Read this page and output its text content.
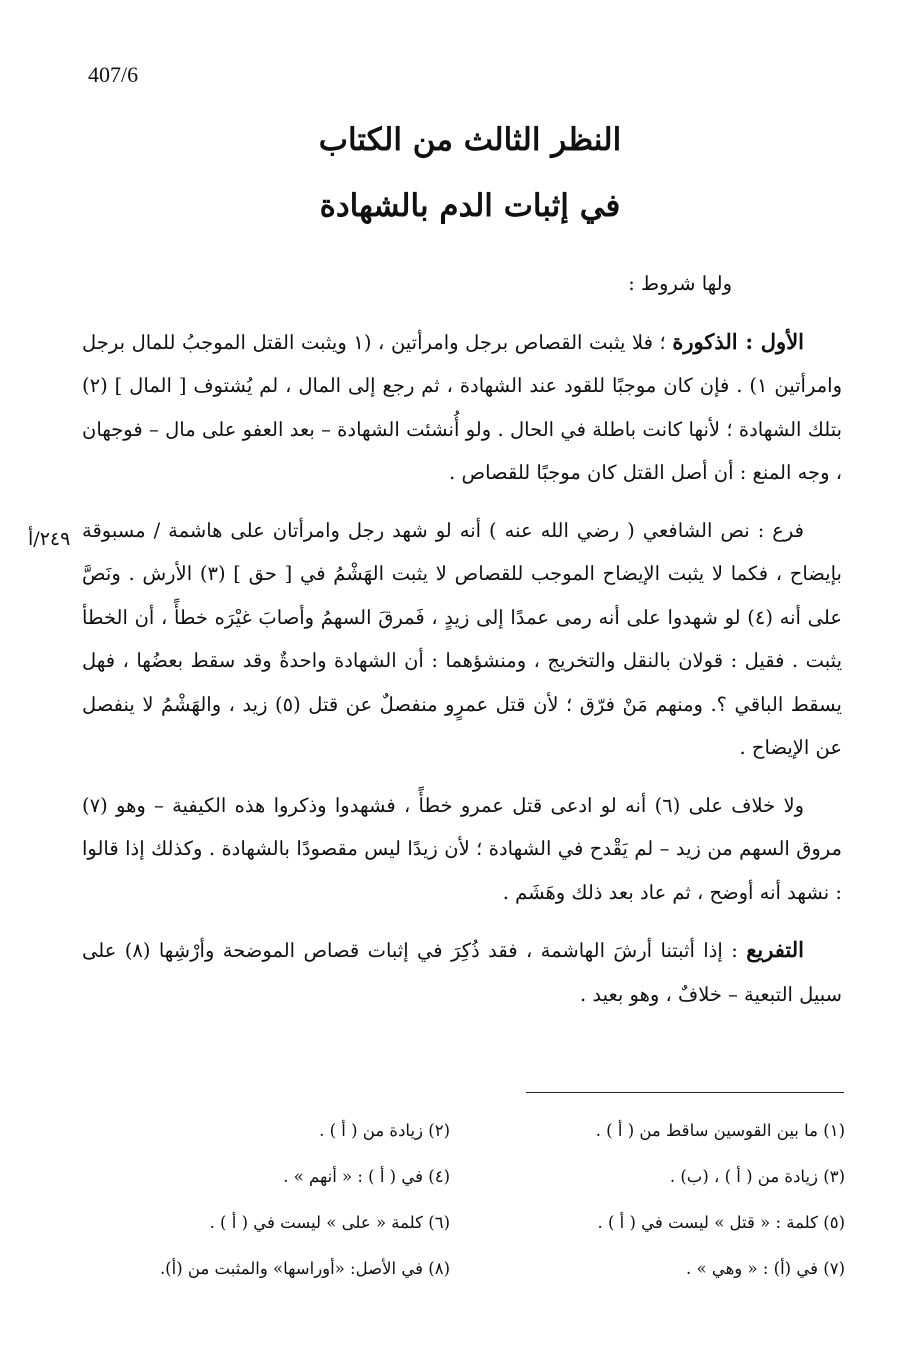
407/6
النظر الثالث من الكتاب
في إثبات الدم بالشهادة
٢٤٩/أ

ولها شروط :

الأول : الذكورة ؛ فلا يثبت القصاص برجل وامرأتين ، (١ ويثبت القتل الموجبُ للمال برجل وامرأتين ١) . فإن كان موجبًا للقود عند الشهادة ، ثم رجع إلى المال ، لم يُشتوف [ المال ] (٢) بتلك الشهادة ؛ لأنها كانت باطلة في الحال . ولو أُنشئت الشهادة – بعد العفو على مال – فوجهان ، وجه المنع : أن أصل القتل كان موجبًا للقصاص .

فرع : نص الشافعي ( رضي الله عنه ) أنه لو شهد رجل وامرأتان على هاشمة / مسبوقة بإيضاح ، فكما لا يثبت الإيضاح الموجب للقصاص لا يثبت الهَشْمُ في [ حق ] (٣) الأرش . ونَصَّ على أنه (٤) لو شهدوا على أنه رمى عمدًا إلى زيدٍ ، فَمرقَ السهمُ وأصابَ غيْرَه خطأً ، أن الخطأ يثبت . فقيل : قولان بالنقل والتخريج ، ومنشؤهما : أن الشهادة واحدةٌ وقد سقط بعضُها ، فهل يسقط الباقي ؟. ومنهم مَنْ فرّق ؛ لأن قتل عمرٍو منفصلٌ عن قتل (٥) زيد ، والهَشْمُ لا ينفصل عن الإيضاح .

ولا خلاف على (٦) أنه لو ادعى قتل عمرو خطأً ، فشهدوا وذكروا هذه الكيفية – وهو (٧) مروق السهم من زيد – لم يَقْدح في الشهادة ؛ لأن زيدًا ليس مقصودًا بالشهادة . وكذلك إذا قالوا : نشهد أنه أوضح ، ثم عاد بعد ذلك وهَشَم .

التفريع : إذا أثبتنا أرشَ الهاشمة ، فقد ذُكِرَ في إثبات قصاص الموضحة وأرْشِها (٨) على سبيل التبعية – خلافٌ ، وهو بعيد .

(١) ما بين القوسين ساقط من ( أ ) .
(٢) زيادة من ( أ ) .
(٣) زيادة من ( أ ) ، (ب) .
(٤) في ( أ ) : « أنهم » .
(٥) كلمة : « قتل » ليست في ( أ ) .
(٦) كلمة « على » ليست في ( أ ) .
(٧) في (أ) : « وهي » .
(٨) في الأصل: «أوراسها» والمثبت من (أ).
